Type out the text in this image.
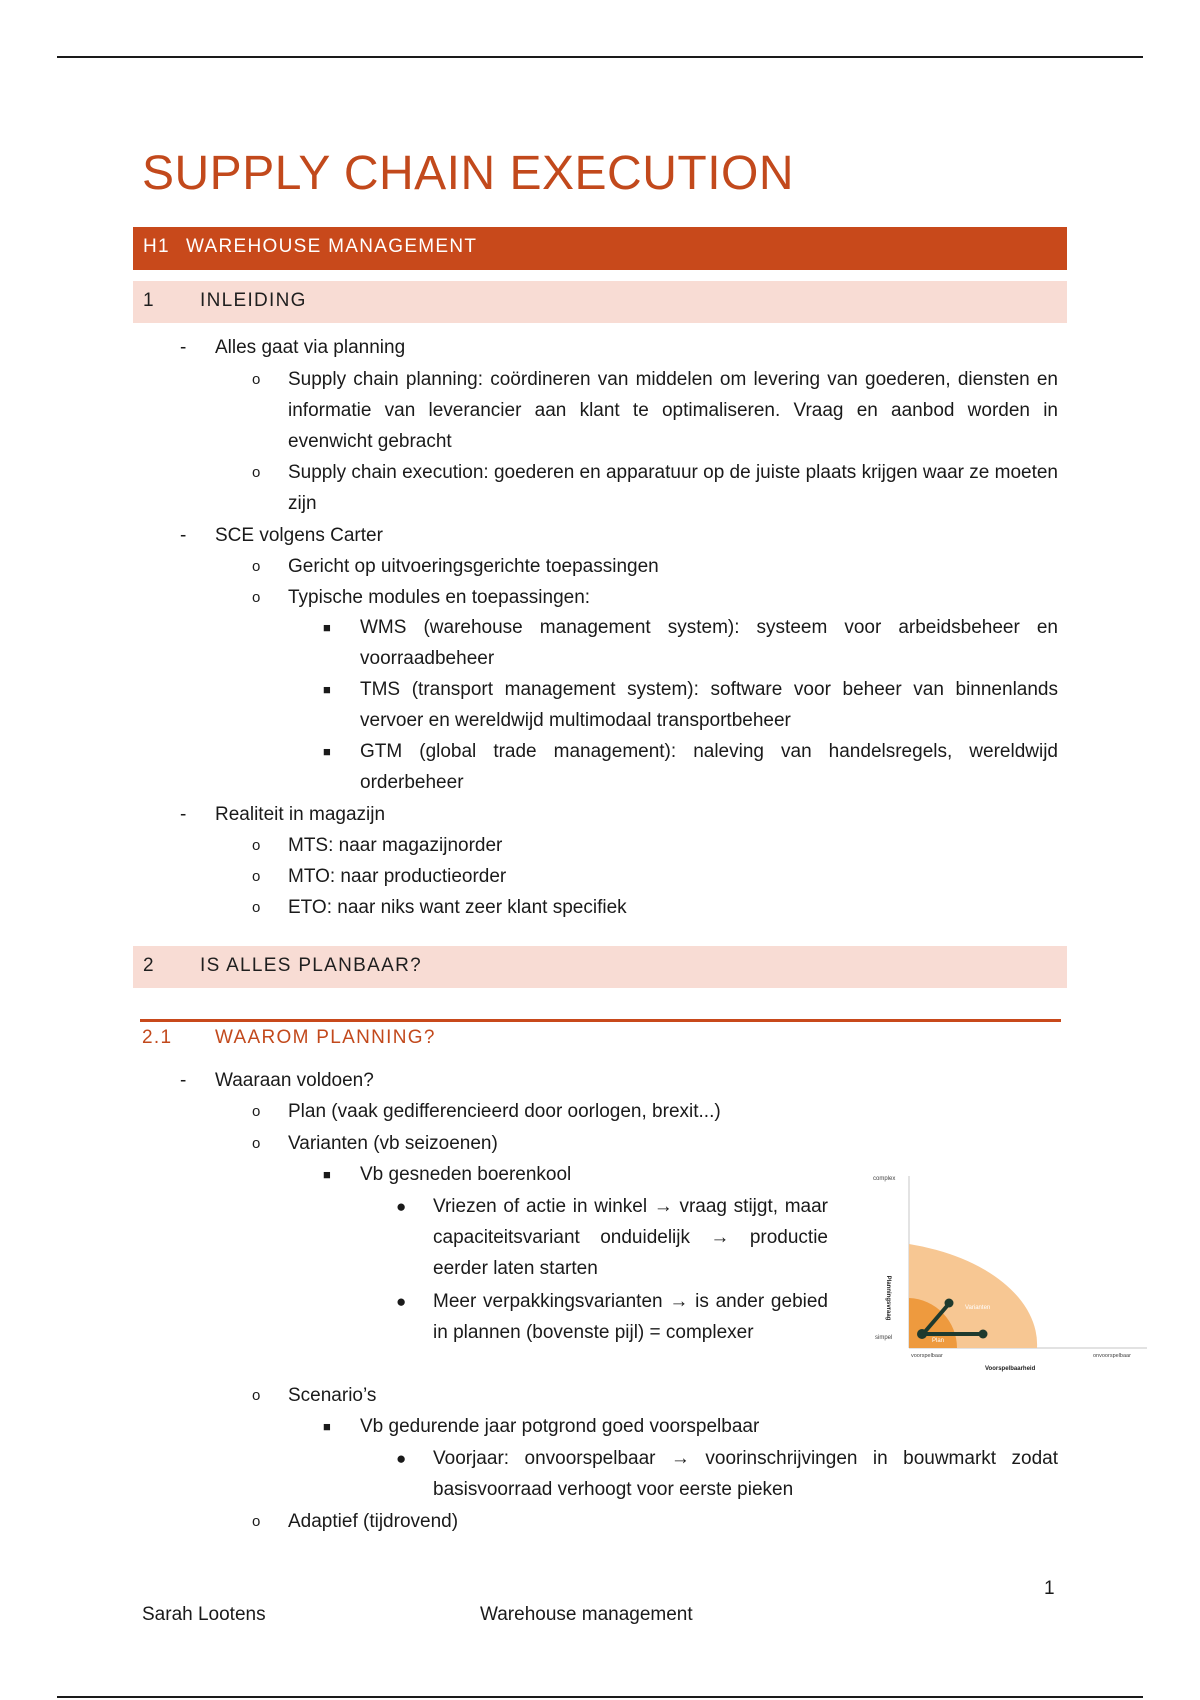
SUPPLY CHAIN EXECUTION
H1 WAREHOUSE MANAGEMENT
1 INLEIDING
- Alles gaat via planning
o Supply chain planning: coördineren van middelen om levering van goederen, diensten en informatie van leverancier aan klant te optimaliseren. Vraag en aanbod worden in evenwicht gebracht
o Supply chain execution: goederen en apparatuur op de juiste plaats krijgen waar ze moeten zijn
- SCE volgens Carter
o Gericht op uitvoeringsgerichte toepassingen
o Typische modules en toepassingen:
■ WMS (warehouse management system): systeem voor arbeidsbeheer en voorraadbeheer
■ TMS (transport management system): software voor beheer van binnenlands vervoer en wereldwijd multimodaal transportbeheer
■ GTM (global trade management): naleving van handelsregels, wereldwijd orderbeheer
- Realiteit in magazijn
o MTS: naar magazijnorder
o MTO: naar productieorder
o ETO: naar niks want zeer klant specifiek
2 IS ALLES PLANBAAR?
2.1 WAAROM PLANNING?
- Waaraan voldoen?
o Plan (vaak gedifferencieerd door oorlogen, brexit...)
o Varianten (vb seizoenen)
■ Vb gesneden boerenkool
● Vriezen of actie in winkel → vraag stijgt, maar capaciteitsvariant onduidelijk → productie eerder laten starten
● Meer verpakkingsvarianten → is ander gebied in plannen (bovenste pijl) = complexer
o Scenario’s
■ Vb gedurende jaar potgrond goed voorspelbaar
● Voorjaar: onvoorspelbaar → voorinschrijvingen in bouwmarkt zodat basisvoorraad verhoogt voor eerste pieken
o Adaptief (tijdrovend)
complex
simpel
Planningsvraag	Varianten
Plan
voorspelbaar	onvoorspelbaar
Voorspelbaarheid
1
Sarah Lootens	Warehouse management
